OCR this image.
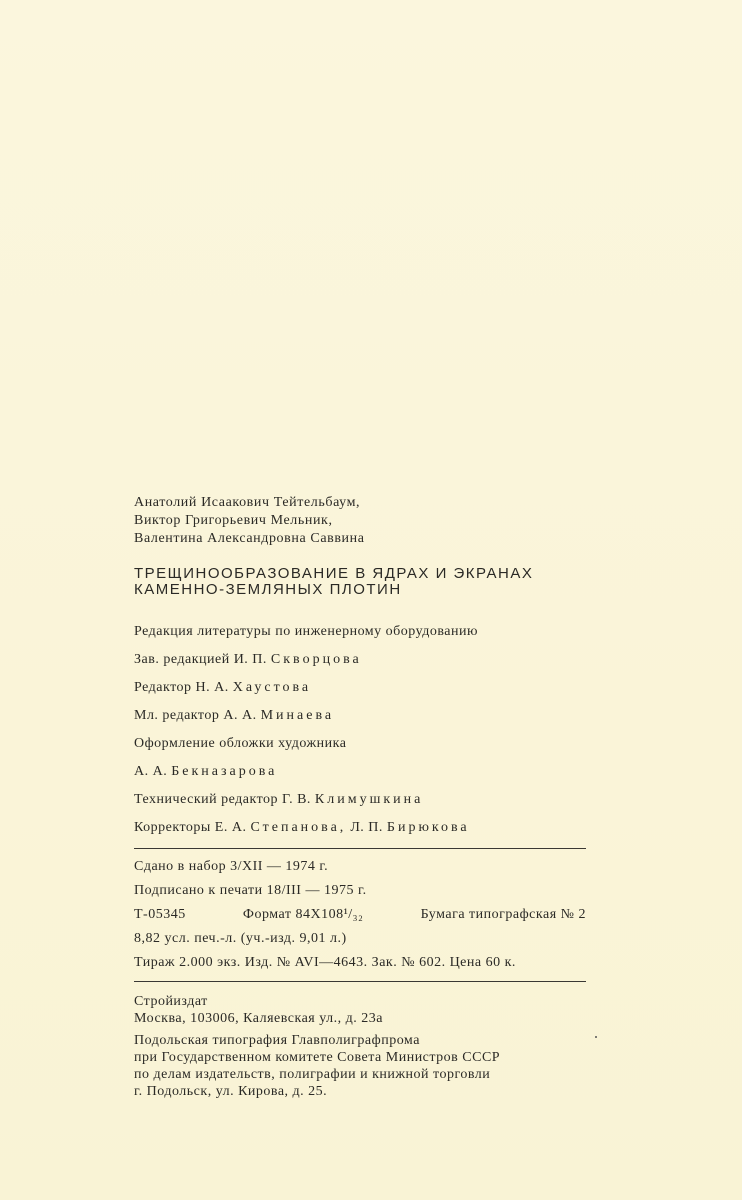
Анатолий Исаакович Тейтельбаум,
Виктор Григорьевич Мельник,
Валентина Александровна Саввина
ТРЕЩИНООБРАЗОВАНИЕ В ЯДРАХ И ЭКРАНАХ
КАМЕННО-ЗЕМЛЯНЫХ ПЛОТИН
Редакция литературы по инженерному оборудованию
Зав. редакцией И. П. Скворцова
Редактор Н. А. Хаустова
Мл. редактор А. А. Минаева
Оформление обложки художника
А. А. Бекназарова
Технический редактор Г. В. Климушкина
Корректоры Е. А. Степанова, Л. П. Бирюкова
Сдано в набор 3/XII — 1974 г.
Подписано к печати 18/III — 1975 г.
Т-05345	Формат 84X108¹/₃₂	Бумага типографская № 2
8,82 усл. печ.-л. (уч.-изд. 9,01 л.)
Тираж 2.000 экз. Изд. № AVI—4643. Зак. № 602. Цена 60 к.
Стройиздат
Москва, 103006, Каляевская ул., д. 23а
Подольская типография Главполиграфпрома
при Государственном комитете Совета Министров СССР
по делам издательств, полиграфии и книжной торговли
г. Подольск, ул. Кирова, д. 25.
